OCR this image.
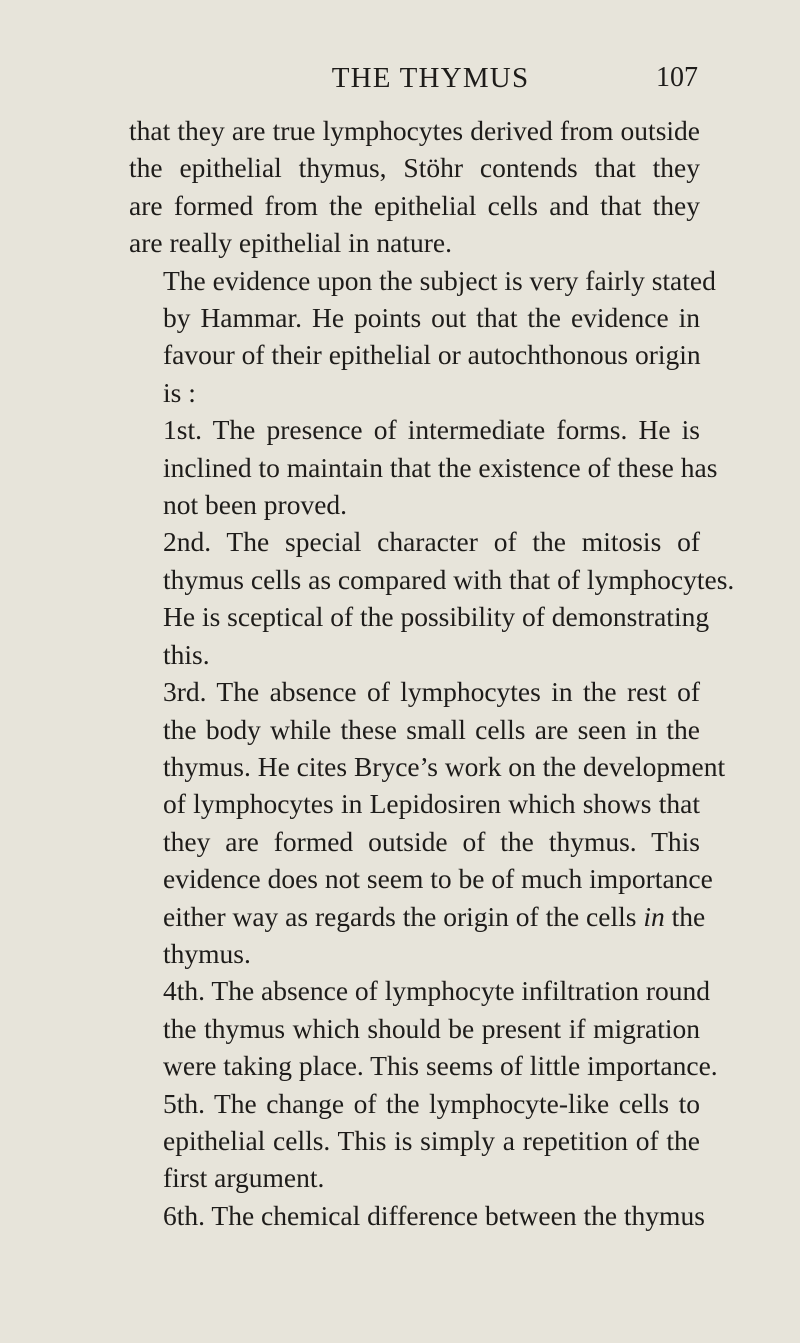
THE THYMUS	107

that they are true lymphocytes derived from outside
the epithelial thymus, Stöhr contends that they
are formed from the epithelial cells and that they
are really epithelial in nature.

The evidence upon the subject is very fairly stated
by Hammar. He points out that the evidence in
favour of their epithelial or autochthonous origin
is :

1st. The presence of intermediate forms. He is
inclined to maintain that the existence of these has
not been proved.

2nd. The special character of the mitosis of
thymus cells as compared with that of lymphocytes.
He is sceptical of the possibility of demonstrating
this.

3rd. The absence of lymphocytes in the rest of
the body while these small cells are seen in the
thymus. He cites Bryce’s work on the development
of lymphocytes in Lepidosiren which shows that
they are formed outside of the thymus. This
evidence does not seem to be of much importance
either way as regards the origin of the cells in the
thymus.

4th. The absence of lymphocyte infiltration round
the thymus which should be present if migration
were taking place. This seems of little importance.

5th. The change of the lymphocyte-like cells to
epithelial cells. This is simply a repetition of the
first argument.

6th. The chemical difference between the thymus
